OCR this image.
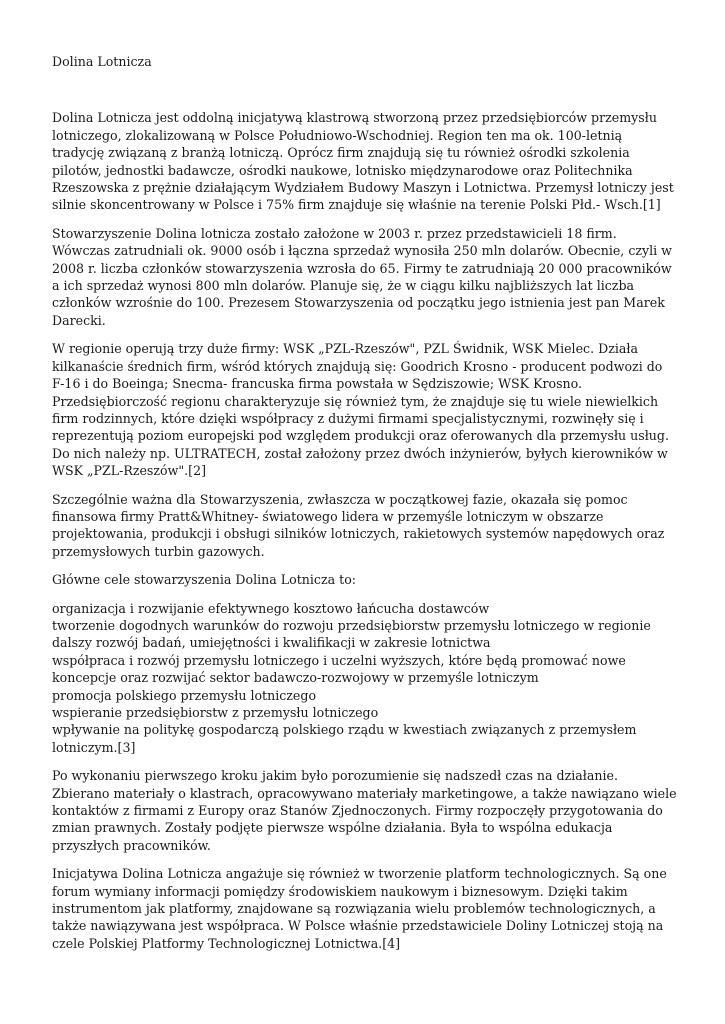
Dolina Lotnicza

Dolina Lotnicza jest oddolną inicjatywą klastrową stworzoną przez przedsiębiorców przemysłu lotniczego, zlokalizowaną w Polsce Południowo-Wschodniej. Region ten ma ok. 100-letnią tradycję związaną z branżą lotniczą. Oprócz firm znajdują się tu również ośrodki szkolenia pilotów, jednostki badawcze, ośrodki naukowe, lotnisko międzynarodowe oraz Politechnika Rzeszowska z prężnie działającym Wydziałem Budowy Maszyn i Lotnictwa. Przemysł lotniczy jest silnie skoncentrowany w Polsce i 75% firm znajduje się właśnie na terenie Polski Płd.- Wsch.[1]

Stowarzyszenie Dolina lotnicza zostało założone w 2003 r. przez przedstawicieli 18 firm. Wówczas zatrudniali ok. 9000 osób i łączna sprzedaż wynosiła 250 mln dolarów. Obecnie, czyli w 2008 r. liczba członków stowarzyszenia wzrosła do 65. Firmy te zatrudniają 20 000 pracowników a ich sprzedaż wynosi 800 mln dolarów. Planuje się, że w ciągu kilku najbliższych lat liczba członków wzrośnie do 100. Prezesem Stowarzyszenia od początku jego istnienia jest pan Marek Darecki.

W regionie operują trzy duże firmy: WSK „PZL-Rzeszów", PZL Świdnik, WSK Mielec. Działa kilkanaście średnich firm, wśród których znajdują się: Goodrich Krosno - producent podwozi do F-16 i do Boeinga; Snecma- francuska firma powstała w Sędziszowie; WSK Krosno. Przedsiębiorczość regionu charakteryzuje się również tym, że znajduje się tu wiele niewielkich firm rodzinnych, które dzięki współpracy z dużymi firmami specjalistycznymi, rozwinęły się i reprezentują poziom europejski pod względem produkcji oraz oferowanych dla przemysłu usług. Do nich należy np. ULTRATECH, został założony przez dwóch inżynierów, byłych kierowników w WSK „PZL-Rzeszów".[2]

Szczególnie ważna dla Stowarzyszenia, zwłaszcza w początkowej fazie, okazała się pomoc finansowa firmy Pratt&Whitney- światowego lidera w przemyśle lotniczym w obszarze projektowania, produkcji i obsługi silników lotniczych, rakietowych systemów napędowych oraz przemysłowych turbin gazowych.

Główne cele stowarzyszenia Dolina Lotnicza to:

organizacja i rozwijanie efektywnego kosztowo łańcucha dostawców
tworzenie dogodnych warunków do rozwoju przedsiębiorstw przemysłu lotniczego w regionie
dalszy rozwój badań, umiejętności i kwalifikacji w zakresie lotnictwa
współpraca i rozwój przemysłu lotniczego i uczelni wyższych, które będą promować nowe koncepcje oraz rozwijać sektor badawczo-rozwojowy w przemyśle lotniczym
promocja polskiego przemysłu lotniczego
wspieranie przedsiębiorstw z przemysłu lotniczego
wpływanie na politykę gospodarczą polskiego rządu w kwestiach związanych z przemysłem lotniczym.[3]

Po wykonaniu pierwszego kroku jakim było porozumienie się nadszedł czas na działanie. Zbierano materiały o klastrach, opracowywano materiały marketingowe, a także nawiązano wiele kontaktów z firmami z Europy oraz Stanów Zjednoczonych. Firmy rozpoczęły przygotowania do zmian prawnych. Zostały podjęte pierwsze wspólne działania. Była to wspólna edukacja przyszłych pracowników.

Inicjatywa Dolina Lotnicza angażuje się również w tworzenie platform technologicznych. Są one forum wymiany informacji pomiędzy środowiskiem naukowym i biznesowym. Dzięki takim instrumentom jak platformy, znajdowane są rozwiązania wielu problemów technologicznych, a także nawiązywana jest współpraca. W Polsce właśnie przedstawiciele Doliny Lotniczej stoją na czele Polskiej Platformy Technologicznej Lotnictwa.[4]
